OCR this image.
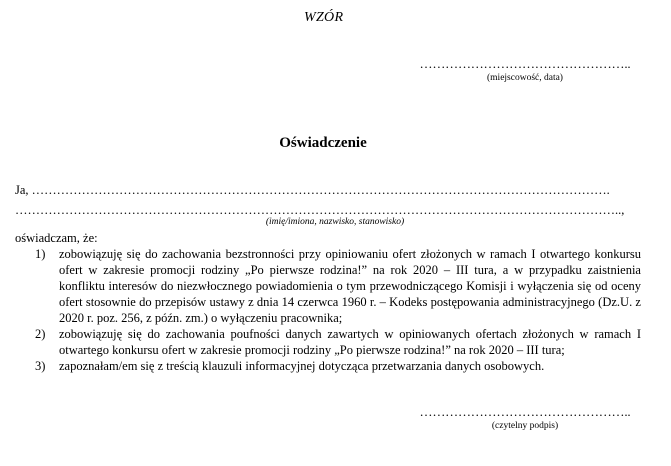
WZÓR
…………………………………………..
(miejscowość, data)
Oświadczenie
Ja, ………………………………………………………………………………………………………………………….
………………………………………………………………………………………………………………………………..,
(imię/imiona, nazwisko, stanowisko)
oświadczam, że:
1) zobowiązuję się do zachowania bezstronności przy opiniowaniu ofert złożonych w ramach I otwartego konkursu ofert w zakresie promocji rodziny „Po pierwsze rodzina!” na rok 2020 – III tura, a w przypadku zaistnienia konfliktu interesów do niezwłocznego powiadomienia o tym przewodniczącego Komisji i wyłączenia się od oceny ofert stosownie do przepisów ustawy z dnia 14 czerwca 1960 r. – Kodeks postępowania administracyjnego (Dz.U. z 2020 r. poz. 256, z późn. zm.) o wyłączeniu pracownika;
2) zobowiązuję się do zachowania poufności danych zawartych w opiniowanych ofertach złożonych w ramach I otwartego konkursu ofert w zakresie promocji rodziny „Po pierwsze rodzina!” na rok 2020 – III tura;
3) zapoznałam/em się z treścią klauzuli informacyjnej dotycząca przetwarzania danych osobowych.
…………………………………………..
(czytelny podpis)
